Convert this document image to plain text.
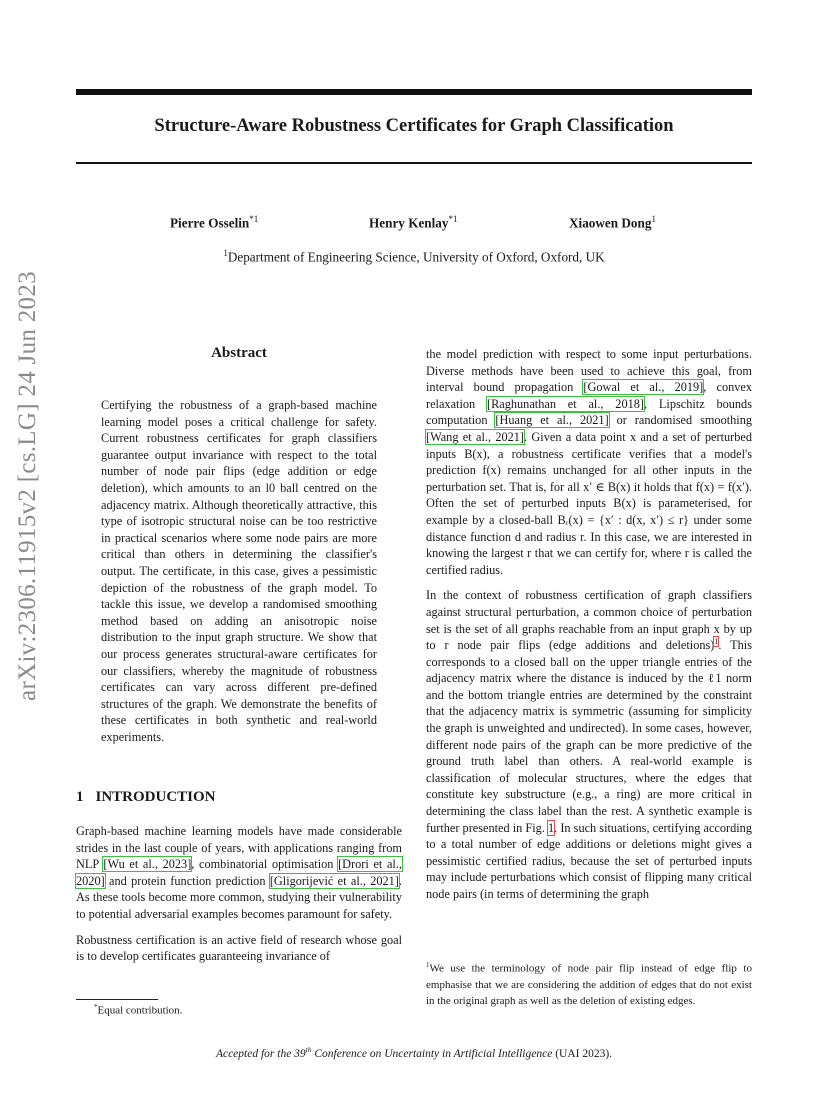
Structure-Aware Robustness Certificates for Graph Classification
Pierre Osselin$^{*1}$	Henry Kenlay$^{*1}$	Xiaowen Dong$^1$
$^1$Department of Engineering Science, University of Oxford, Oxford, UK
arXiv:2306.11915v2 [cs.LG] 24 Jun 2023	Abstract
Certifying the robustness of a graph-based machine learning model poses a critical challenge for safety. Current robustness certificates for graph classifiers guarantee output invariance with respect to the total number of node pair flips (edge addition or edge deletion), which amounts to an l0 ball centred on the adjacency matrix. Although theoretically attractive, this type of isotropic structural noise can be too restrictive in practical scenarios where some node pairs are more critical than others in determining the classifier's output. The certificate, in this case, gives a pessimistic depiction of the robustness of the graph model. To tackle this issue, we develop a randomised smoothing method based on adding an anisotropic noise distribution to the input graph structure. We show that our process generates structural-aware certificates for our classifiers, whereby the magnitude of robustness certificates can vary across different pre-defined structures of the graph. We demonstrate the benefits of these certificates in both synthetic and real-world experiments.
1 INTRODUCTION

Graph-based machine learning models have made considerable strides in the last couple of years, with applications ranging from NLP [Wu et al., 2023], combinatorial optimisation [Drori et al., 2020] and protein function prediction [Gligorijević et al., 2021]. As these tools become more common, studying their vulnerability to potential adversarial examples becomes paramount for safety.

Robustness certification is an active field of research whose goal is to develop certificates guaranteeing invariance of

the model prediction with respect to some input perturbations. Diverse methods have been used to achieve this goal, from interval bound propagation [Gowal et al., 2019], convex relaxation [Raghunathan et al., 2018], Lipschitz bounds computation [Huang et al., 2021] or randomised smoothing [Wang et al., 2021]. Given a data point x and a set of perturbed inputs B(x), a robustness certificate verifies that a model's prediction f(x) remains unchanged for all other inputs in the perturbation set. That is, for all x′ ∈ B(x) it holds that f(x) = f(x′). Often the set of perturbed inputs B(x) is parameterised, for example by a closed-ball Bᵣ(x) = {x′ : d(x, x′) ≤ r} under some distance function d and radius r. In this case, we are interested in knowing the largest r that we can certify for, where r is called the certified radius.

In the context of robustness certification of graph classifiers against structural perturbation, a common choice of perturbation set is the set of all graphs reachable from an input graph x by up to r node pair flips (edge additions and deletions)$^1$. This corresponds to a closed ball on the upper triangle entries of the adjacency matrix where the distance is induced by the ℓ1 norm and the bottom triangle entries are determined by the constraint that the adjacency matrix is symmetric (assuming for simplicity the graph is unweighted and undirected). In some cases, however, different node pairs of the graph can be more predictive of the ground truth label than others. A real-world example is classification of molecular structures, where the edges that constitute key substructure (e.g., a ring) are more critical in determining the class label than the rest. A synthetic example is further presented in Fig. 1. In such situations, certifying according to a total number of edge additions or deletions might gives a pessimistic certified radius, because the set of perturbed inputs may include perturbations which consist of flipping many critical node pairs (in terms of determining the graph

$^1$We use the terminology of node pair flip instead of edge flip to emphasise that we are considering the addition of edges that do not exist in the original graph as well as the deletion of existing edges.
*Equal contribution.
Accepted for the 39th Conference on Uncertainty in Artificial Intelligence (UAI 2023).
